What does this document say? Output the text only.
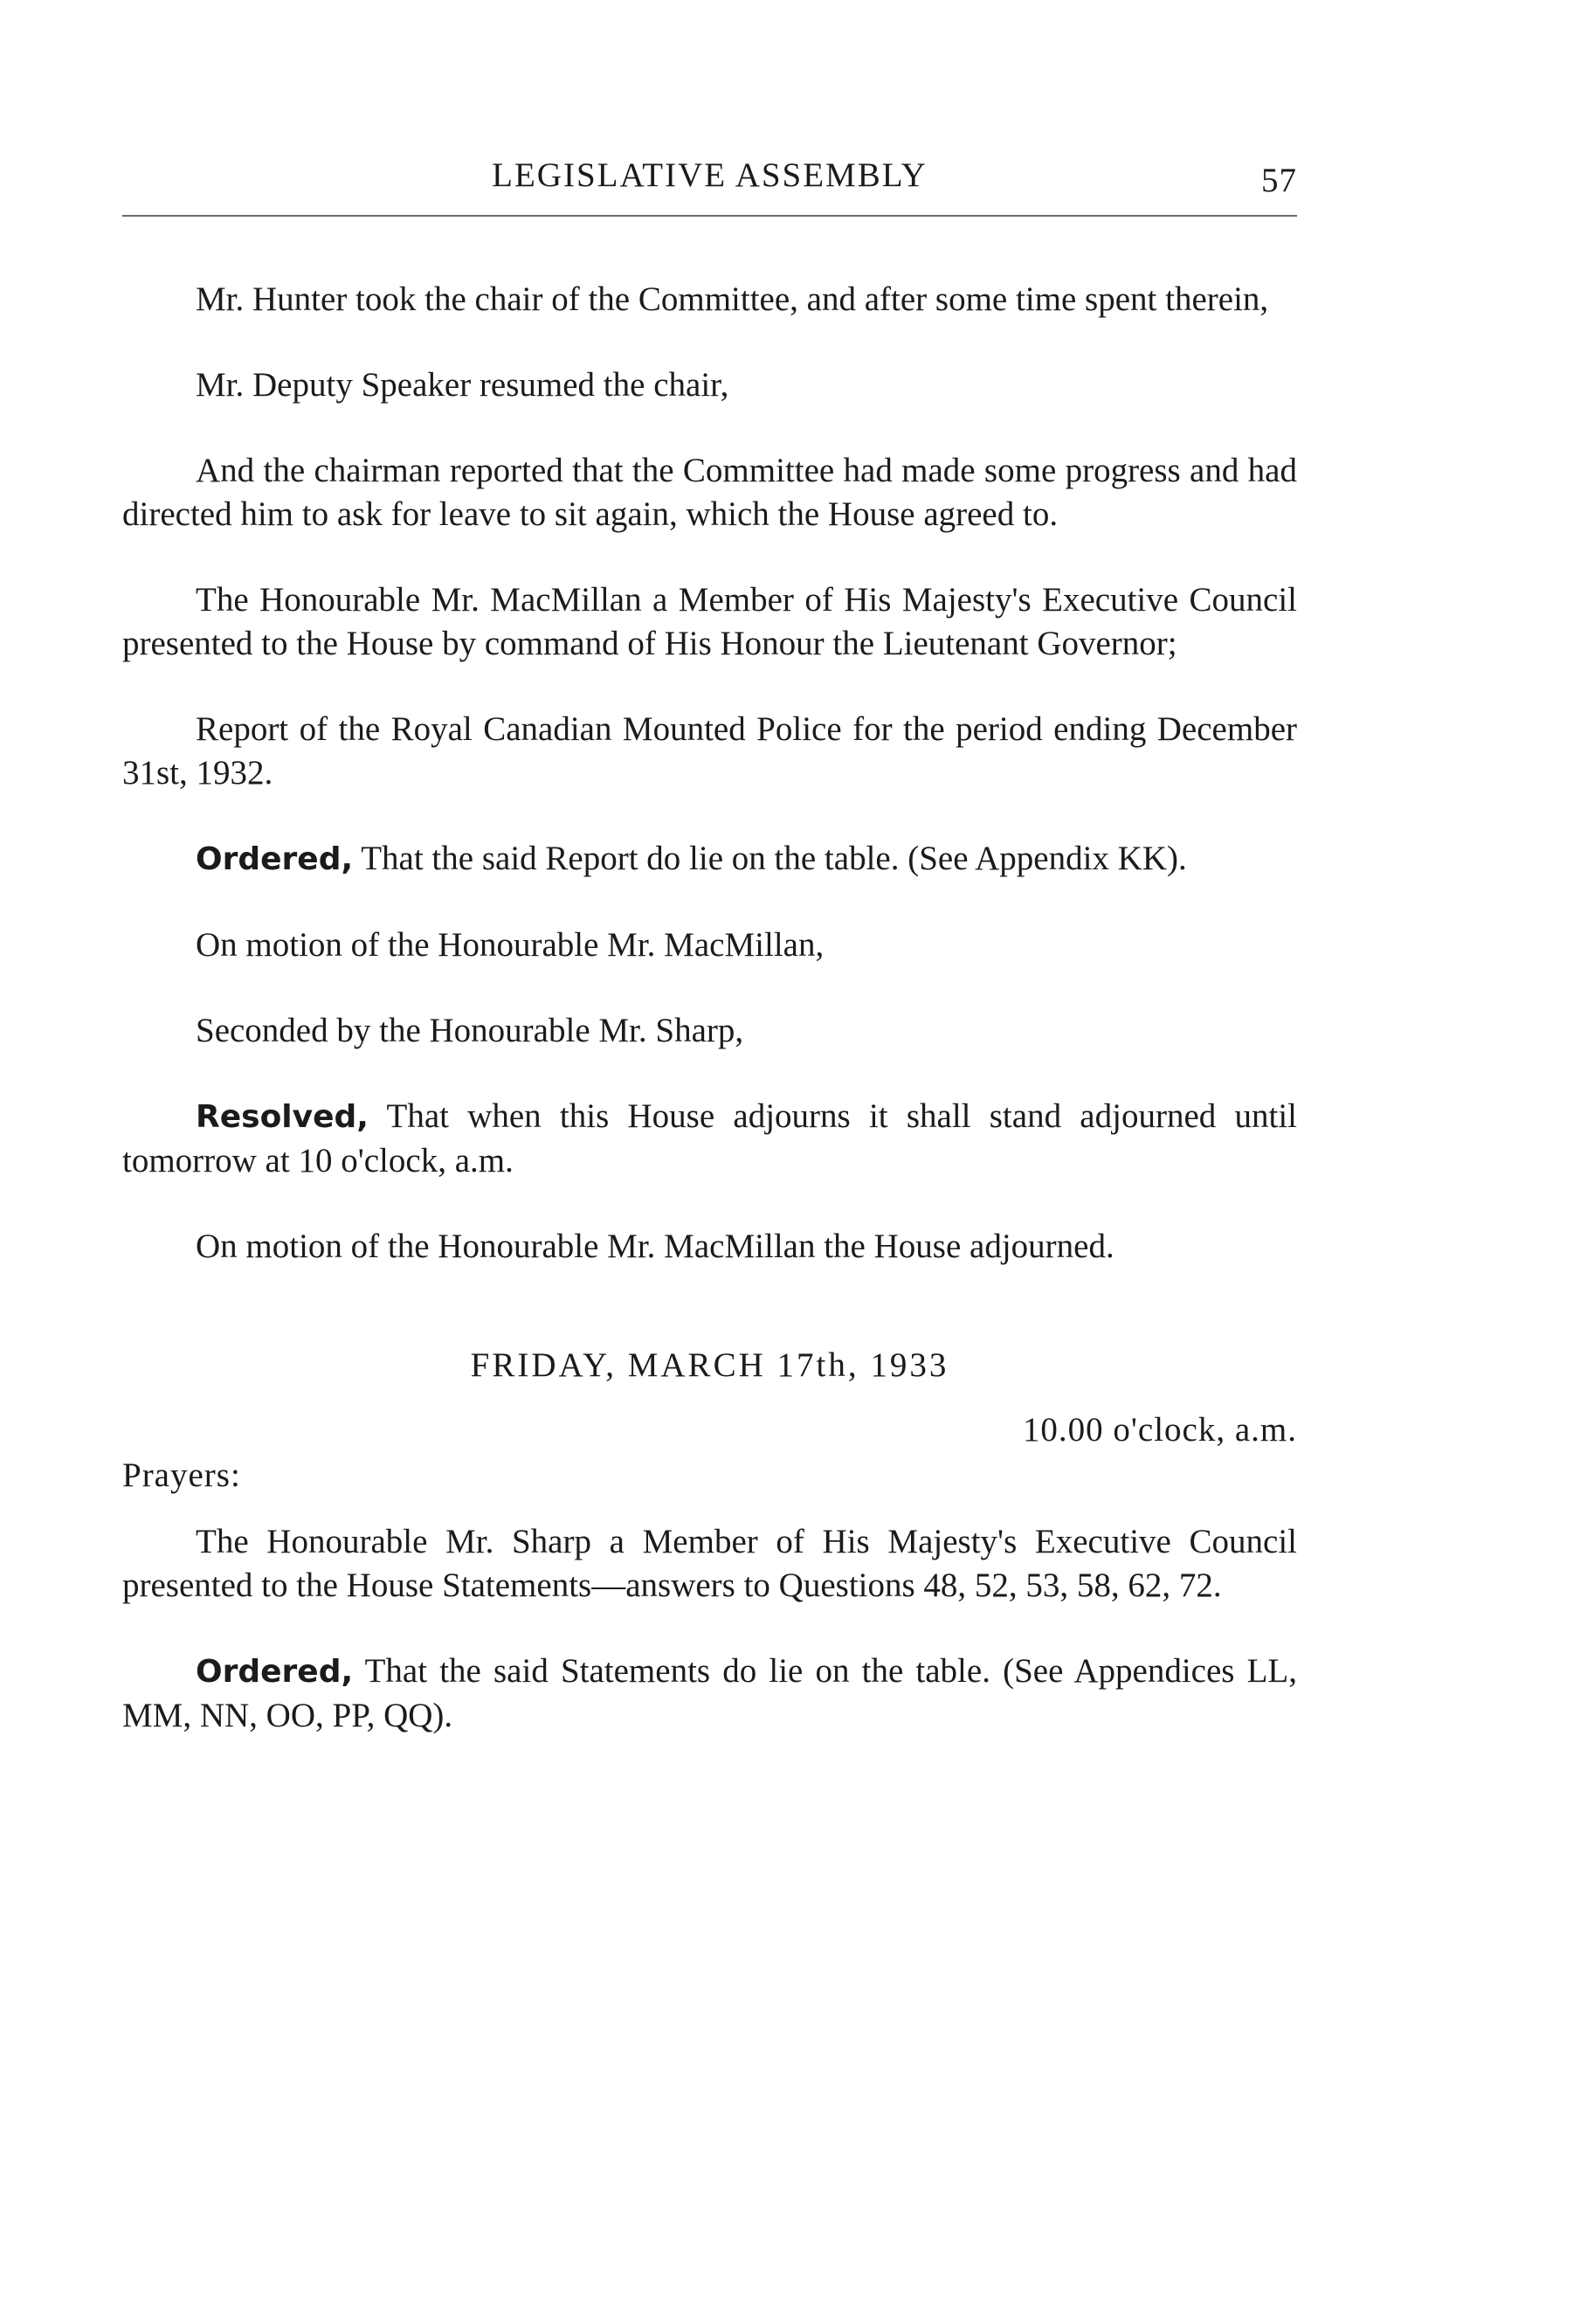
LEGISLATIVE ASSEMBLY	57

Mr. Hunter took the chair of the Committee, and after some time spent therein,

Mr. Deputy Speaker resumed the chair,

And the chairman reported that the Committee had made some progress and had directed him to ask for leave to sit again, which the House agreed to.

The Honourable Mr. MacMillan a Member of His Majesty's Executive Council presented to the House by command of His Honour the Lieutenant Governor;

Report of the Royal Canadian Mounted Police for the period ending December 31st, 1932.

Ordered, That the said Report do lie on the table. (See Appendix KK).

On motion of the Honourable Mr. MacMillan,

Seconded by the Honourable Mr. Sharp,

Resolved, That when this House adjourns it shall stand adjourned until tomorrow at 10 o'clock, a.m.

On motion of the Honourable Mr. MacMillan the House adjourned.

FRIDAY, MARCH 17th, 1933
10.00 o'clock, a.m.
Prayers:

The Honourable Mr. Sharp a Member of His Majesty's Executive Council presented to the House Statements—answers to Questions 48, 52, 53, 58, 62, 72.

Ordered, That the said Statements do lie on the table. (See Appendices LL, MM, NN, OO, PP, QQ).
